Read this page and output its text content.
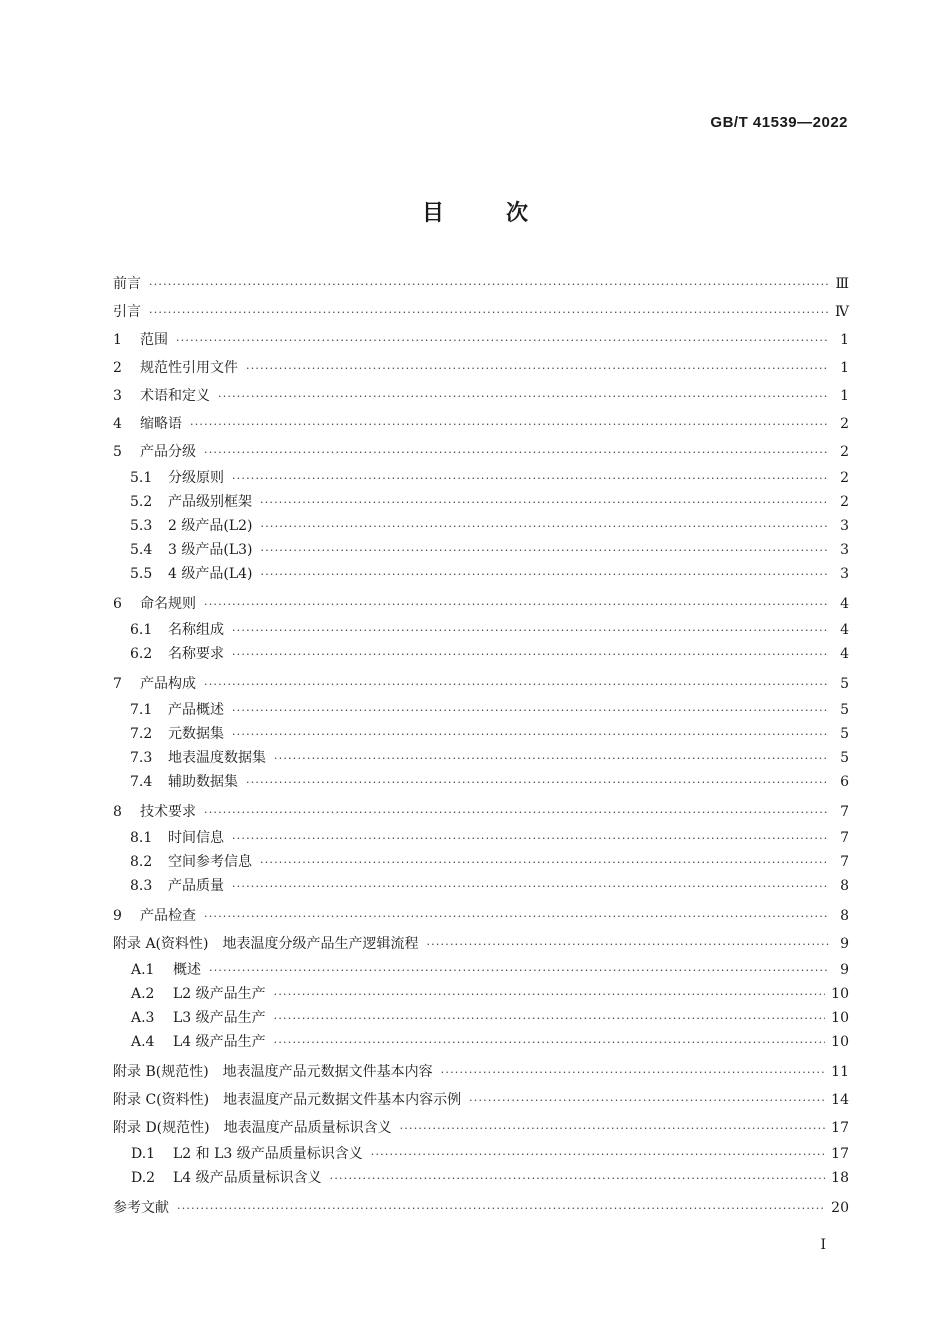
GB/T 41539—2022
目	次
前言 ·····	Ⅲ
引言 ·····	Ⅳ
1	范围 ·····	1
2	规范性引用文件 ·····	1
3	术语和定义 ·····	1
4	缩略语 ·····	2
5	产品分级 ·····	2
5.1	分级原则 ·····	2
5.2	产品级别框架 ·····	2
5.3	2 级产品(L2) ·····	3
5.4	3 级产品(L3) ·····	3
5.5	4 级产品(L4) ·····	3
6	命名规则 ·····	4
6.1	名称组成 ·····	4
6.2	名称要求 ·····	4
7	产品构成 ·····	5
7.1	产品概述 ·····	5
7.2	元数据集 ·····	5
7.3	地表温度数据集 ·····	5
7.4	辅助数据集 ·····	6
8	技术要求 ·····	7
8.1	时间信息 ·····	7
8.2	空间参考信息 ·····	7
8.3	产品质量 ·····	8
9	产品检查 ·····	8
附录 A(资料性) 地表温度分级产品生产逻辑流程 ·····	9
A.1	概述 ·····	9
A.2	L2 级产品生产 ·····	10
A.3	L3 级产品生产 ·····	10
A.4	L4 级产品生产 ·····	10
附录 B(规范性) 地表温度产品元数据文件基本内容 ·····	11
附录 C(资料性) 地表温度产品元数据文件基本内容示例 ·····	14
附录 D(规范性) 地表温度产品质量标识含义 ·····	17
D.1	L2 和 L3 级产品质量标识含义 ·····	17
D.2	L4 级产品质量标识含义 ·····	18
参考文献 ·····	20
Ⅰ
